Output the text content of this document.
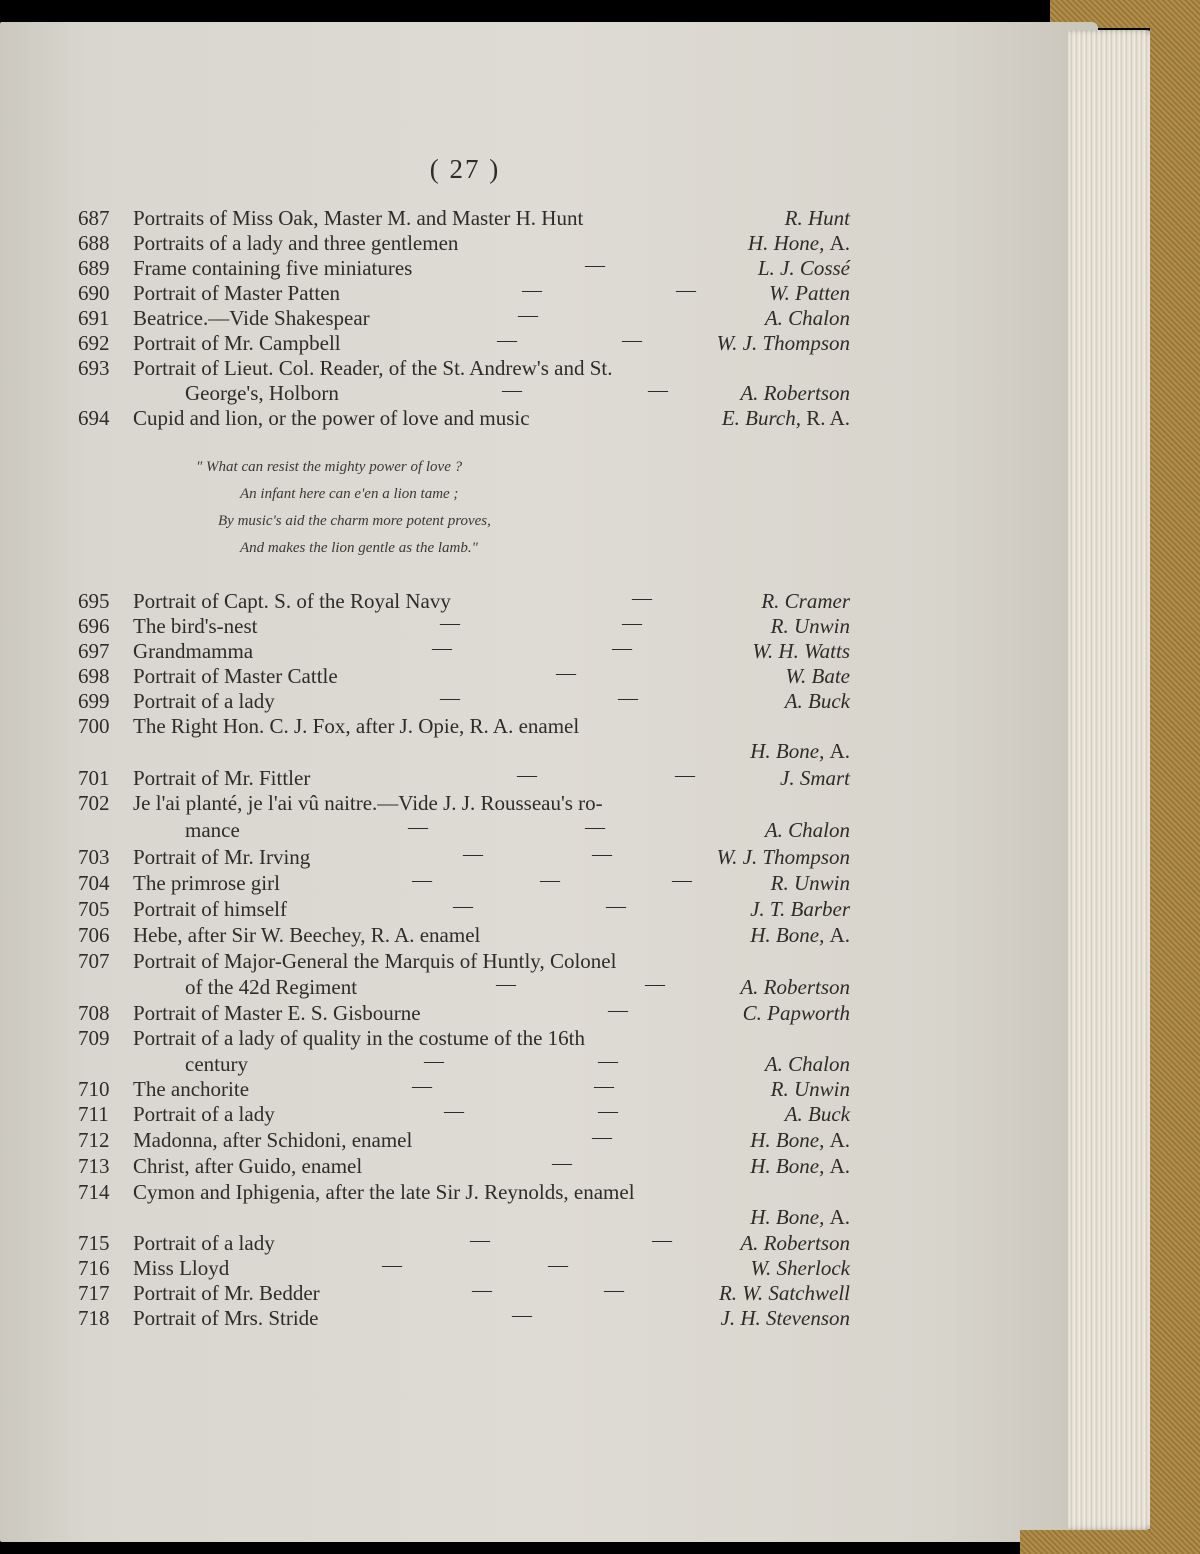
( 27 )
687 Portraits of Miss Oak, Master M. and Master H. Hunt	R. Hunt
688 Portraits of a lady and three gentlemen	H. Hone, A.
689 Frame containing five miniatures	—	L. J. Cossé
690 Portrait of Master Patten	—	—	W. Patten
691 Beatrice.—Vide Shakespear	—	A. Chalon
692 Portrait of Mr. Campbell	—	—	W. J. Thompson
693 Portrait of Lieut. Col. Reader, of the St. Andrew's and St.
George's, Holborn	—	—	A. Robertson
694 Cupid and lion, or the power of love and music	E. Burch, R. A.
" What can resist the mighty power of love ?
An infant here can e'en a lion tame ;
By music's aid the charm more potent proves,
And makes the lion gentle as the lamb."
695 Portrait of Capt. S. of the Royal Navy	—	R. Cramer
696 The bird's-nest	—	—	R. Unwin
697 Grandmamma	—	—	W. H. Watts
698 Portrait of Master Cattle	—	W. Bate
699 Portrait of a lady	—	—	A. Buck
700 The Right Hon. C. J. Fox, after J. Opie, R. A. enamel
H. Bone, A.
701 Portrait of Mr. Fittler	—	—	J. Smart
702 Je l'ai planté, je l'ai vû naitre.—Vide J. J. Rousseau's ro-
mance	—	—	A. Chalon
703 Portrait of Mr. Irving	—	—	W. J. Thompson
704 The primrose girl	—	—	—	R. Unwin
705 Portrait of himself	—	—	J. T. Barber
706 Hebe, after Sir W. Beechey, R. A. enamel	H. Bone, A.
707 Portrait of Major-General the Marquis of Huntly, Colonel
of the 42d Regiment	—	—	A. Robertson
708 Portrait of Master E. S. Gisbourne	—	C. Papworth
709 Portrait of a lady of quality in the costume of the 16th
century	—	—	A. Chalon
710 The anchorite	—	—	R. Unwin
711 Portrait of a lady	—	—	A. Buck
712 Madonna, after Schidoni, enamel	—	H. Bone, A.
713 Christ, after Guido, enamel	—	H. Bone, A.
714 Cymon and Iphigenia, after the late Sir J. Reynolds, enamel
H. Bone, A.
715 Portrait of a lady	—	—	A. Robertson
716 Miss Lloyd	—	—	W. Sherlock
717 Portrait of Mr. Bedder	—	—	R. W. Satchwell
718 Portrait of Mrs. Stride	—	J. H. Stevenson
